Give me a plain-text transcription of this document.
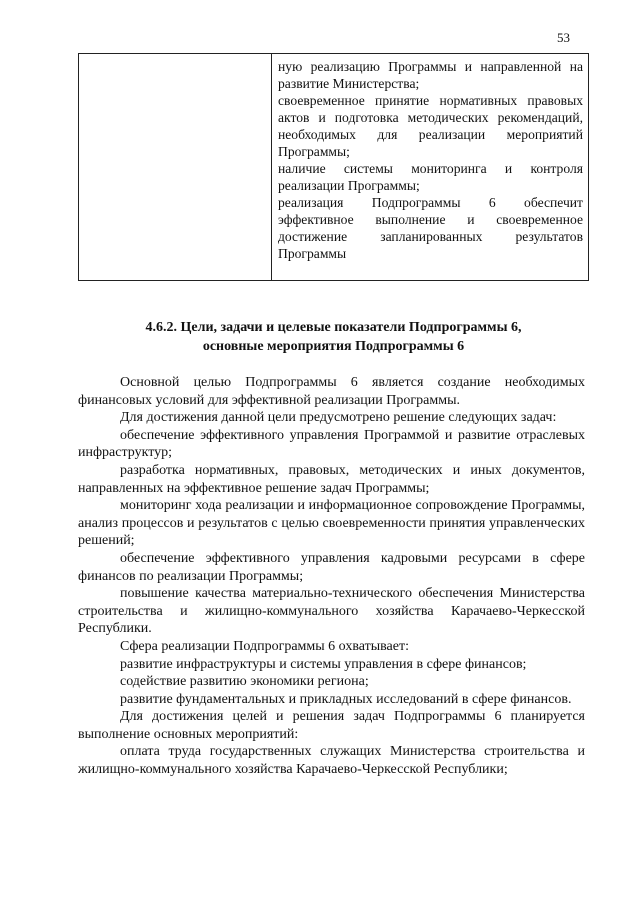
53

ную реализацию Программы и направленной на развитие Министерства;

своевременное принятие нормативных правовых актов и подготовка методических рекомендаций, необходимых для реализации мероприятий Программы;

наличие системы мониторинга и контроля реализации Программы;

реализация Подпрограммы 6 обеспечит эффективное выполнение и своевременное достижение запланированных результатов Программы

4.6.2. Цели, задачи и целевые показатели Подпрограммы 6,
основные мероприятия Подпрограммы 6

Основной целью Подпрограммы 6 является создание необходимых финансовых условий для эффективной реализации Программы.

Для достижения данной цели предусмотрено решение следующих задач:

обеспечение эффективного управления Программой и развитие отраслевых инфраструктур;

разработка нормативных, правовых, методических и иных документов, направленных на эффективное решение задач Программы;

мониторинг хода реализации и информационное сопровождение Программы, анализ процессов и результатов с целью своевременности принятия управленческих решений;

обеспечение эффективного управления кадровыми ресурсами в сфере финансов по реализации Программы;

повышение качества материально-технического обеспечения Министерства строительства и жилищно-коммунального хозяйства Карачаево-Черкесской Республики.

Сфера реализации Подпрограммы 6 охватывает:

развитие инфраструктуры и системы управления в сфере финансов;

содействие развитию экономики региона;

развитие фундаментальных и прикладных исследований в сфере финансов.

Для достижения целей и решения задач Подпрограммы 6 планируется выполнение основных мероприятий:

оплата труда государственных служащих Министерства строительства и жилищно-коммунального хозяйства Карачаево-Черкесской Республики;
